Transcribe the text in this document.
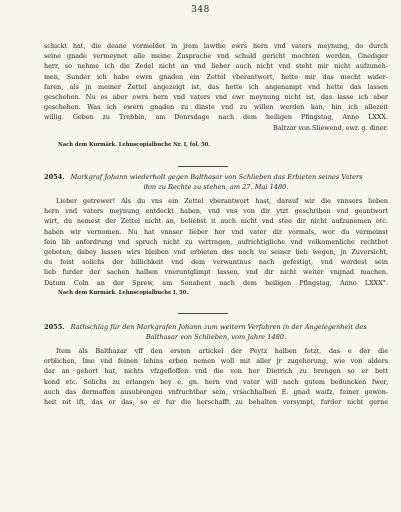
348
schickt hat, die deane vormeldet in jrem lawthe ewrs hern vnd vaters meynung, do durch
seine gnade vermeynet alle meine Zusprache vnd schuld gericht mochten werden, Gnediger
herr, so nehme ich die Zedel nicht an vnd lieber auch nicht vnd steht mir nicht aufzuneh-
men, Sunder ich habe ewrn gnaden ein Zettel vberantwort, hette mir das mocht wider-
faren, als jn meiner Zettel angezeigt ist, das hette ich angenampt vnd hette das lassen
geschehen. Nu es aber ewrs hern vnd vaters vnd ewr meynung nicht ist, das lasse ich aber
geschehen. Was ich ewern gnaden zu dinste vnd zu willen werden kan, bin ich allezeit
willig. Geben zu Trebbin, am Donrsdage nach dem heiligen Pfingstag, Anno LXXX.
Baltzar von Sliewend, ewr. g. diner.
Nach dem Kurmärk. Lehnscopialbuche Nr. I, fol. 50.
2054. Markgraf Johann wiederholt gegen Balthasar von Schlieben das Erbieten seines Vaters
ihm zu Rechte zu stehen, am 27. Mai 1480.
Lieber getrewer! Als du vns ein Zettel vberantwort hast, darauf wir die vnnsers lieben
hern vnd vaters meynung entdeckt haben, vnd vns von dir ytzt geschriben vnd geantwort
wirt, du nemest der Zettel nicht an, beliebst it auch nicht vnd stee dir nicht aufzunemen etc.
haben wir vernomen. Nu hat vnnser lieber her vnd vater dir vormals, wor du vermeinst
fein lib anfordrung vnd spruch nicht zu vertragen, aufrichtigliche vnd volkomenliche rechtbot
geboten, dabey lassen wirs bleiben vnd erbieten des noch vo seiner lieb wegen, jn Zuversicht,
du feist solichs der billichkeit vnd dem verwantnus nach gefestigt, vnd werdest sein
lieb furder der sachen halben vneruntglimpt lassen, vnd dir nicht weiter vngnad machen.
Datum Coln an der Sprew, am Sonabent nach dem heiligen Pfingstag, Anno LXXX°.
Nach dem Kurmärk. Lehnscopialbuche I, 50.
2055. Rathschlag für den Markgrafen Johann zum weitern Verfahren in der Angelegenheit des
Balthasar von Schlieben, vom Jahre 1480.
Item als Balthazar vff den ersten artickel der Peytz halben fetzt, das e der die
erblichen, Ime vnd feinen lehins erben nemen woll mit aller jr zugehorung, wie von alders
dar an gehort hat, nichts vfzgefloffen vnd die von her Dietrich zu brengen so er bett
kond etc. Solichs zu erlangen bey e. gn. hern vnd vater will nach gutem beduncken fwer,
auch das dermaffen ausubrengen vnfruchtbar sein, vrsachhalben E. gnad waifz, feiner gewon-
heit nit ift, das er das, so er fur die herschafft zu behalten vorsympt, furder nicht gerne
